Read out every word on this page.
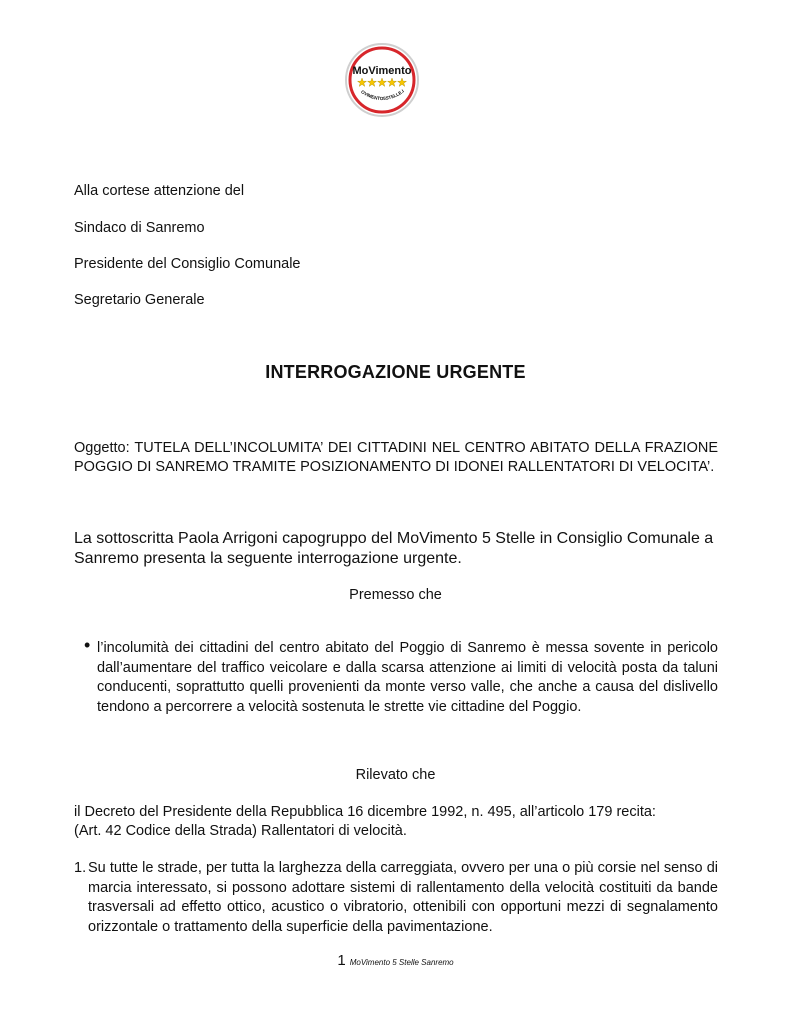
MoVimento
OVIMENTO5STELLE.I
Alla cortese attenzione del
Sindaco di Sanremo
Presidente del Consiglio Comunale
Segretario Generale
INTERROGAZIONE URGENTE
Oggetto: TUTELA DELL’INCOLUMITA’ DEI CITTADINI NEL CENTRO ABITATO DELLA FRAZIONE POGGIO DI SANREMO TRAMITE POSIZIONAMENTO DI IDONEI RALLENTATORI DI VELOCITA’.
La sottoscritta Paola Arrigoni capogruppo del MoVimento 5 Stelle in Consiglio Comunale a Sanremo presenta la seguente interrogazione urgente.
Premesso che
• l’incolumità dei cittadini del centro abitato del Poggio di Sanremo è messa sovente in pericolo dall’aumentare del traffico veicolare e dalla scarsa attenzione ai limiti di velocità posta da taluni conducenti, soprattutto quelli provenienti da monte verso valle, che anche a causa del dislivello tendono a percorrere a velocità sostenuta le strette vie cittadine del Poggio.
Rilevato che
il Decreto del Presidente della Repubblica 16 dicembre 1992, n. 495, all’articolo 179 recita:
(Art. 42 Codice della Strada) Rallentatori di velocità.
1. Su tutte le strade, per tutta la larghezza della carreggiata, ovvero per una o più corsie nel senso di marcia interessato, si possono adottare sistemi di rallentamento della velocità costituiti da bande trasversali ad effetto ottico, acustico o vibratorio, ottenibili con opportuni mezzi di segnalamento orizzontale o trattamento della superficie della pavimentazione.
1 MoVimento 5 Stelle Sanremo
